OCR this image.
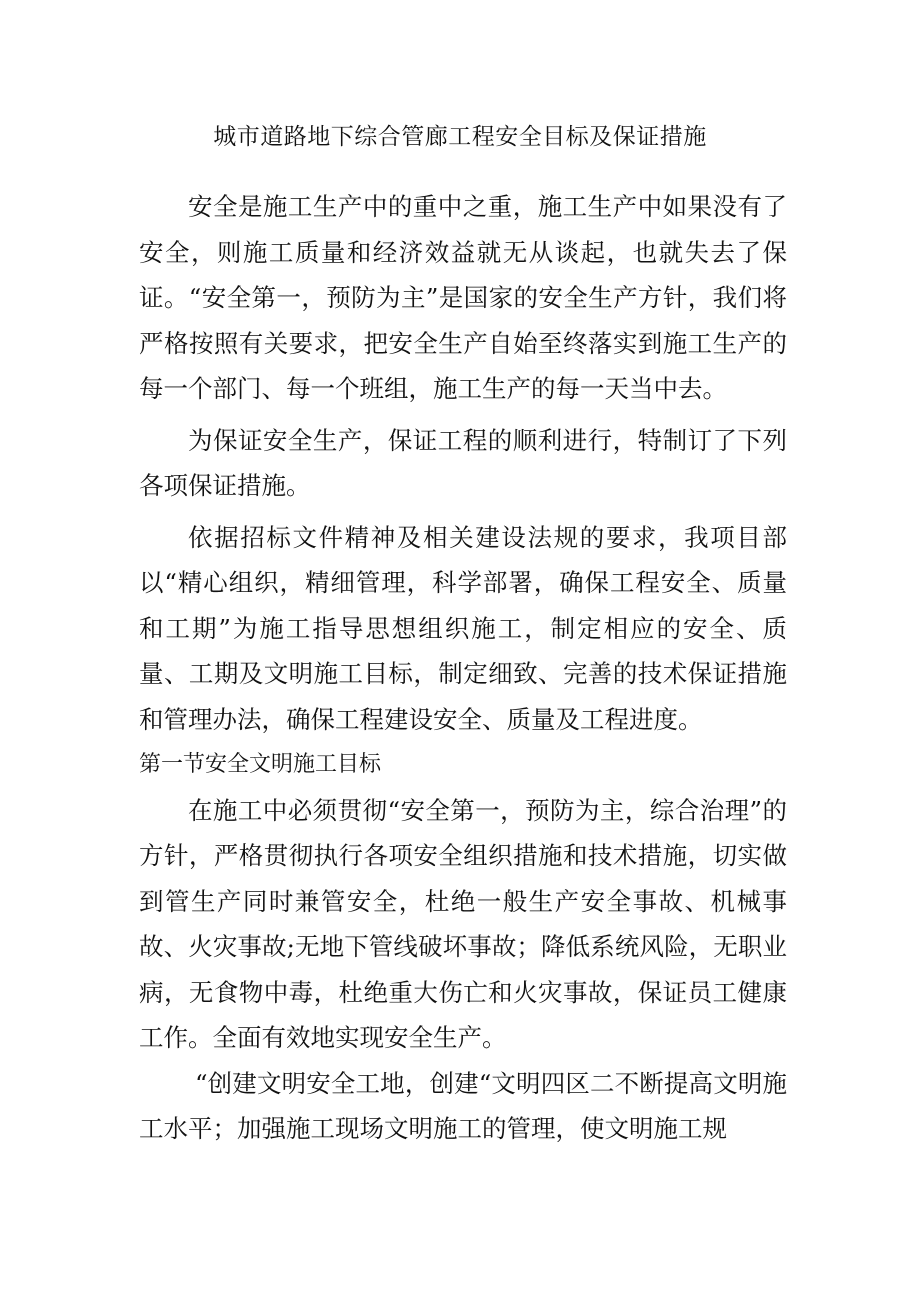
城市道路地下综合管廊工程安全目标及保证措施

安全是施工生产中的重中之重，施工生产中如果没有了安全，则施工质量和经济效益就无从谈起，也就失去了保证。“安全第一，预防为主”是国家的安全生产方针，我们将严格按照有关要求，把安全生产自始至终落实到施工生产的每一个部门、每一个班组，施工生产的每一天当中去。

为保证安全生产，保证工程的顺利进行，特制订了下列各项保证措施。

依据招标文件精神及相关建设法规的要求，我项目部以“精心组织，精细管理，科学部署，确保工程安全、质量和工期”为施工指导思想组织施工，制定相应的安全、质量、工期及文明施工目标，制定细致、完善的技术保证措施和管理办法，确保工程建设安全、质量及工程进度。

第一节安全文明施工目标

在施工中必须贯彻“安全第一，预防为主，综合治理”的方针，严格贯彻执行各项安全组织措施和技术措施，切实做到管生产同时兼管安全，杜绝一般生产安全事故、机械事故、火灾事故;无地下管线破坏事故；降低系统风险，无职业病，无食物中毒，杜绝重大伤亡和火灾事故，保证员工健康工作。全面有效地实现安全生产。

“创建文明安全工地，创建“文明四区二不断提高文明施工水平；加强施工现场文明施工的管理，使文明施工规
